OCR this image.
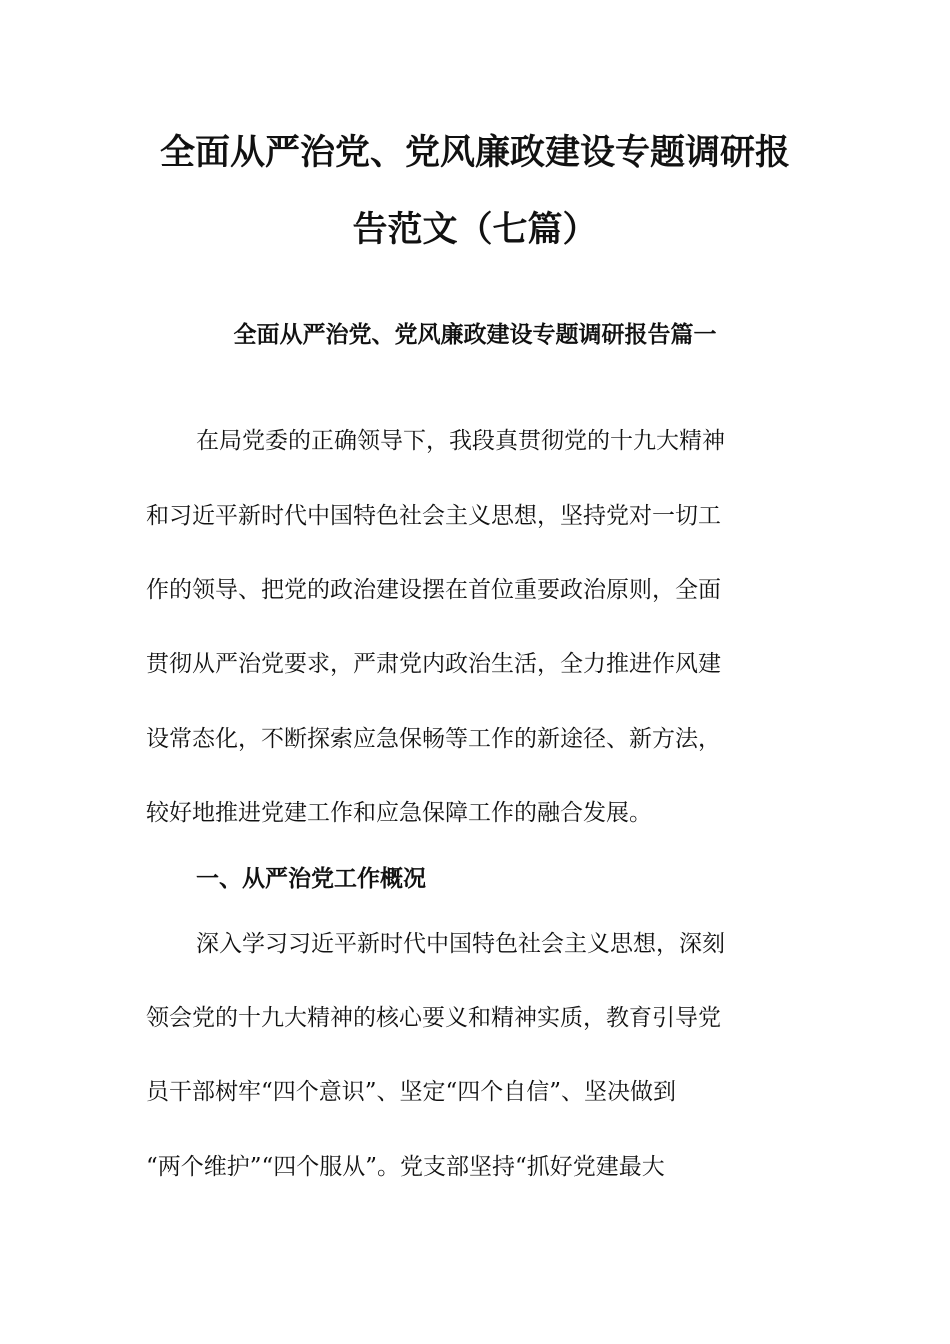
全面从严治党、党风廉政建设专题调研报
告范文（七篇）
全面从严治党、党风廉政建设专题调研报告篇一

在局党委的正确领导下，我段真贯彻党的十九大精神

和习近平新时代中国特色社会主义思想，坚持党对一切工

作的领导、把党的政治建设摆在首位重要政治原则，全面

贯彻从严治党要求，严肃党内政治生活，全力推进作风建

设常态化，不断探索应急保畅等工作的新途径、新方法，

较好地推进党建工作和应急保障工作的融合发展。

一、从严治党工作概况

深入学习习近平新时代中国特色社会主义思想，深刻

领会党的十九大精神的核心要义和精神实质，教育引导党

员干部树牢“四个意识”、坚定“四个自信”、坚决做到

“两个维护”“四个服从”。党支部坚持“抓好党建最大
